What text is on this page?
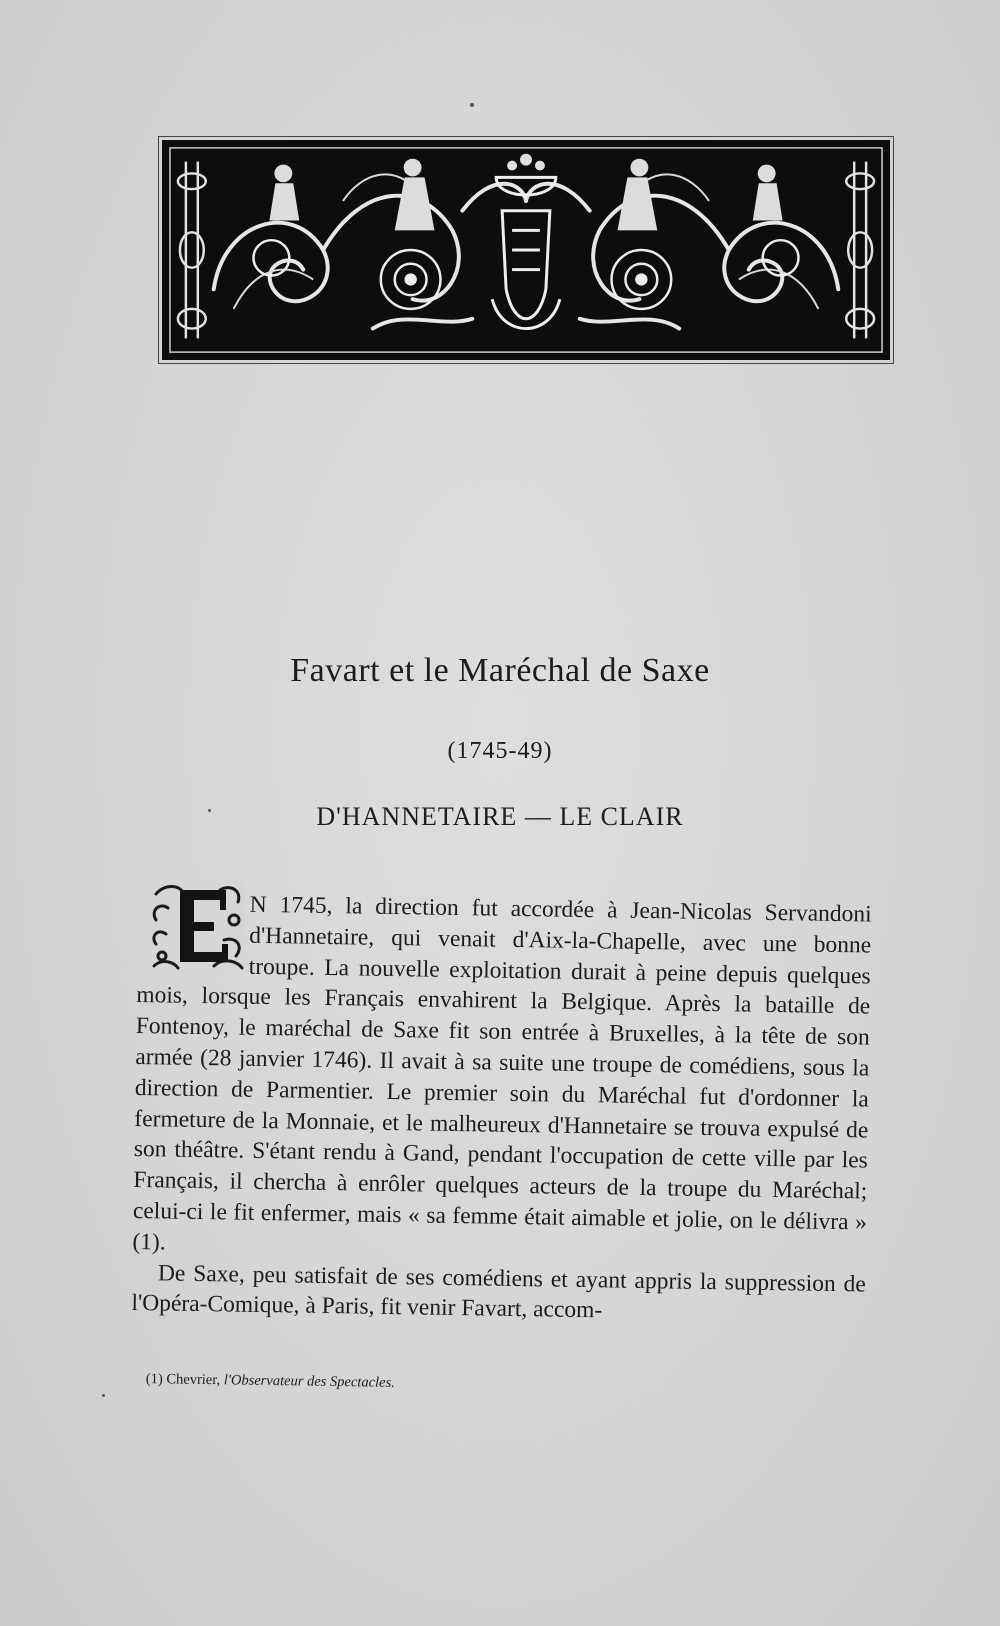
Favart et le Maréchal de Saxe
(1745-49)
D'HANNETAIRE — LE CLAIR

N 1745, la direction fut accordée à Jean-Nicolas Servandoni d'Hannetaire, qui venait d'Aix-la-Chapelle, avec une bonne troupe. La nouvelle exploitation durait à peine depuis quelques mois, lorsque les Français envahirent la Belgique. Après la bataille de Fontenoy, le maréchal de Saxe fit son entrée à Bruxelles, à la tête de son armée (28 janvier 1746). Il avait à sa suite une troupe de comédiens, sous la direction de Parmentier. Le premier soin du Maréchal fut d'ordonner la fermeture de la Monnaie, et le malheureux d'Hannetaire se trouva expulsé de son théâtre. S'étant rendu à Gand, pendant l'occupation de cette ville par les Français, il chercha à enrôler quelques acteurs de la troupe du Maréchal; celui-ci le fit enfermer, mais « sa femme était aimable et jolie, on le délivra » (1).

De Saxe, peu satisfait de ses comédiens et ayant appris la suppression de l'Opéra-Comique, à Paris, fit venir Favart, accom-

(1) Chevrier, l'Observateur des Spectacles.
